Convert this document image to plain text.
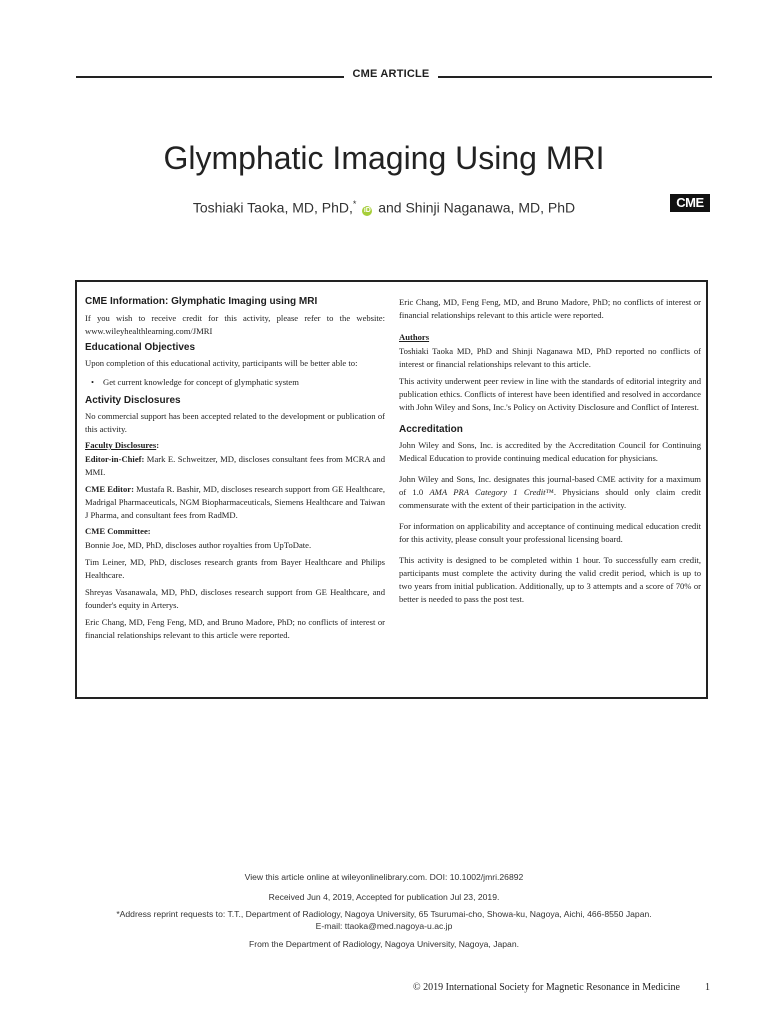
CME ARTICLE
Glymphatic Imaging Using MRI
Toshiaki Taoka, MD, PhD,* iD and Shinji Naganawa, MD, PhD	CME
CME Information: Glymphatic Imaging using MRI

If you wish to receive credit for this activity, please refer to the website: www.wileyhealthlearning.com/JMRI

Educational Objectives

Upon completion of this educational activity, participants will be better able to:

• Get current knowledge for concept of glymphatic system
Activity Disclosures

No commercial support has been accepted related to the development or publication of this activity.

Faculty Disclosures:

Editor-in-Chief: Mark E. Schweitzer, MD, discloses consultant fees from MCRA and MMI.

CME Editor: Mustafa R. Bashir, MD, discloses research support from GE Healthcare, Madrigal Pharmaceuticals, NGM Biopharmaceuticals, Siemens Healthcare and Taiwan J Pharma, and consultant fees from RadMD.

CME Committee:

Bonnie Joe, MD, PhD, discloses author royalties from UpToDate.

Tim Leiner, MD, PhD, discloses research grants from Bayer Healthcare and Philips Healthcare.

Shreyas Vasanawala, MD, PhD, discloses research support from GE Healthcare, and founder's equity in Arterys.

Eric Chang, MD, Feng Feng, MD, and Bruno Madore, PhD; no conflicts of interest or financial relationships relevant to this article were reported.

Eric Chang, MD, Feng Feng, MD, and Bruno Madore, PhD; no conflicts of interest or financial relationships relevant to this article were reported.

Authors

Toshiaki Taoka MD, PhD and Shinji Naganawa MD, PhD reported no conflicts of interest or financial relationships relevant to this article.

This activity underwent peer review in line with the standards of editorial integrity and publication ethics. Conflicts of interest have been identified and resolved in accordance with John Wiley and Sons, Inc.'s Policy on Activity Disclosure and Conflict of Interest.

Accreditation

John Wiley and Sons, Inc. is accredited by the Accreditation Council for Continuing Medical Education to provide continuing medical education for physicians.

John Wiley and Sons, Inc. designates this journal-based CME activity for a maximum of 1.0 AMA PRA Category 1 Credit™. Physicians should only claim credit commensurate with the extent of their participation in the activity.

For information on applicability and acceptance of continuing medical education credit for this activity, please consult your professional licensing board.

This activity is designed to be completed within 1 hour. To successfully earn credit, participants must complete the activity during the valid credit period, which is up to two years from initial publication. Additionally, up to 3 attempts and a score of 70% or better is needed to pass the post test.

View this article online at wileyonlinelibrary.com. DOI: 10.1002/jmri.26892
Received Jun 4, 2019, Accepted for publication Jul 23, 2019.
*Address reprint requests to: T.T., Department of Radiology, Nagoya University, 65 Tsurumai-cho, Showa-ku, Nagoya, Aichi, 466-8550 Japan.
E-mail: ttaoka@med.nagoya-u.ac.jp
From the Department of Radiology, Nagoya University, Nagoya, Japan.
© 2019 International Society for Magnetic Resonance in Medicine	1
